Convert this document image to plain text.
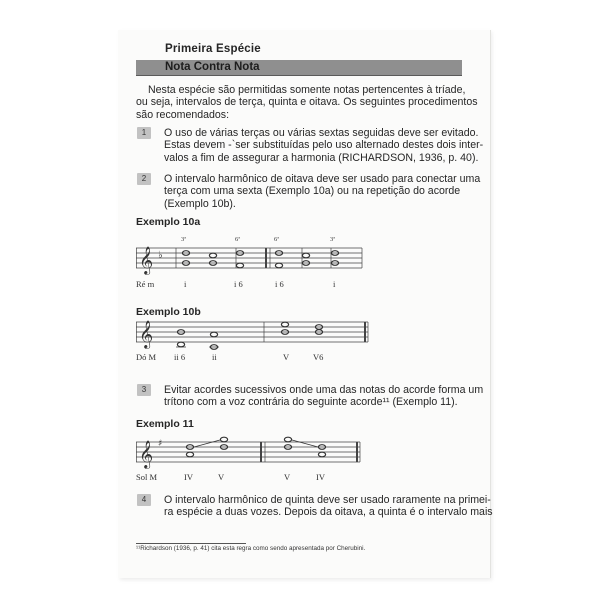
Primeira Espécie
Nota Contra Nota
Nesta espécie são permitidas somente notas pertencentes à tríade,
ou seja, intervalos de terça, quinta e oitava. Os seguintes procedimentos
são recomendados:
1	O uso de várias terças ou várias sextas seguidas deve ser evitado.
Estas devem -`ser substituídas pelo uso alternado destes dois inter-
valos a fim de assegurar a harmonia (RICHARDSON, 1936, p. 40).
2	O intervalo harmônico de oitava deve ser usado para conectar uma
terça com uma sexta (Exemplo 10a) ou na repetição do acorde
(Exemplo 10b).
Exemplo 10a
𝄞 ♭
3ª	6ª	6ª	3ª
Ré m	i	i 6	i 6	i
Exemplo 10b
𝄞
Dó M ii 6	ii	V	V6
3	Evitar acordes sucessivos onde uma das notas do acorde forma um
trítono com a voz contrária do seguinte acorde¹¹ (Exemplo 11).
Exemplo 11
𝄞 ♯
Sol M	IV	V	V	IV
4	O intervalo harmônico de quinta deve ser usado raramente na primei-
ra espécie a duas vozes. Depois da oitava, a quinta é o intervalo mais
¹¹Richardson (1936, p. 41) cita esta regra como sendo apresentada por Cherubini.
